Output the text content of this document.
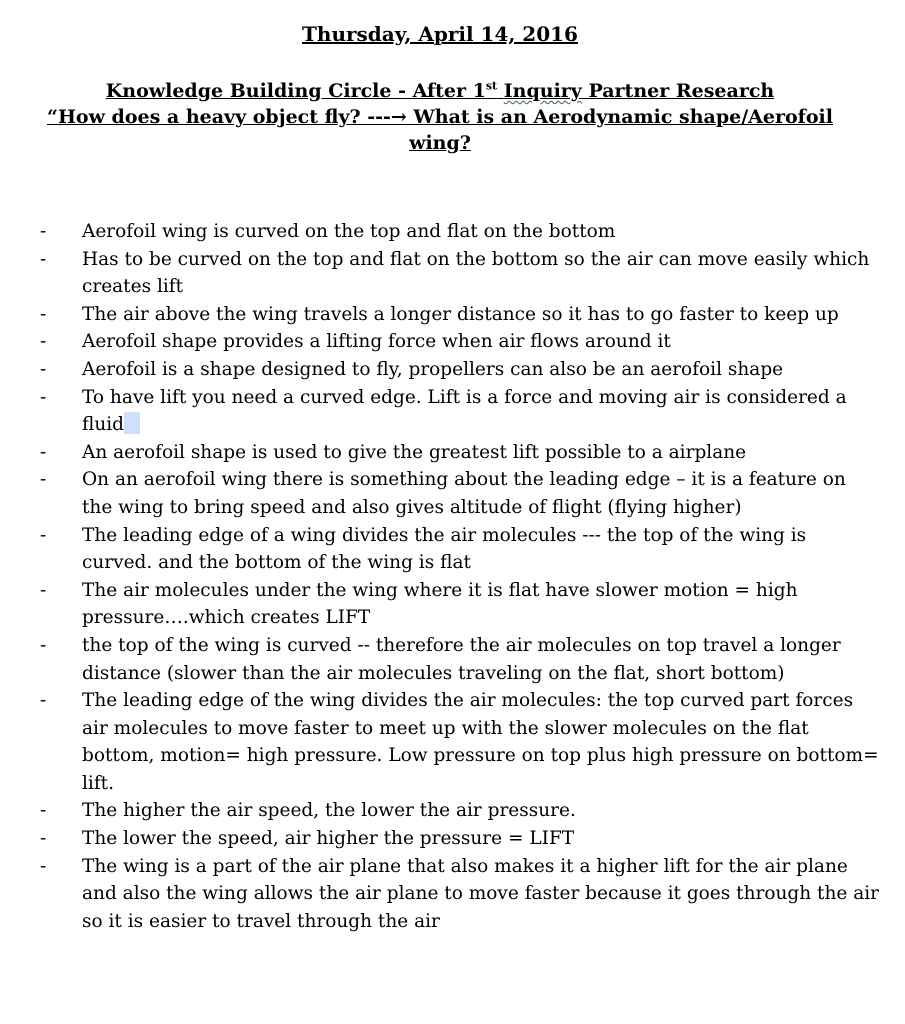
Thursday, April 14, 2016
Knowledge Building Circle - After 1st Inquiry Partner Research
“How does a heavy object fly? ---→ What is an Aerodynamic shape/Aerofoil wing?
- Aerofoil wing is curved on the top and flat on the bottom
- Has to be curved on the top and flat on the bottom so the air can move easily which creates lift
- The air above the wing travels a longer distance so it has to go faster to keep up
- Aerofoil shape provides a lifting force when air flows around it
- Aerofoil is a shape designed to fly, propellers can also be an aerofoil shape
- To have lift you need a curved edge. Lift is a force and moving air is considered a fluid
- An aerofoil shape is used to give the greatest lift possible to a airplane
- On an aerofoil wing there is something about the leading edge – it is a feature on the wing to bring speed and also gives altitude of flight (flying higher)
- The leading edge of a wing divides the air molecules --- the top of the wing is curved. and the bottom of the wing is flat
- The air molecules under the wing where it is flat have slower motion = high pressure….which creates LIFT
- the top of the wing is curved -- therefore the air molecules on top travel a longer distance (slower than the air molecules traveling on the flat, short bottom)
- The leading edge of the wing divides the air molecules: the top curved part forces air molecules to move faster to meet up with the slower molecules on the flat bottom, motion= high pressure. Low pressure on top plus high pressure on bottom= lift.
- The higher the air speed, the lower the air pressure.
- The lower the speed, air higher the pressure = LIFT
- The wing is a part of the air plane that also makes it a higher lift for the air plane and also the wing allows the air plane to move faster because it goes through the air so it is easier to travel through the air
